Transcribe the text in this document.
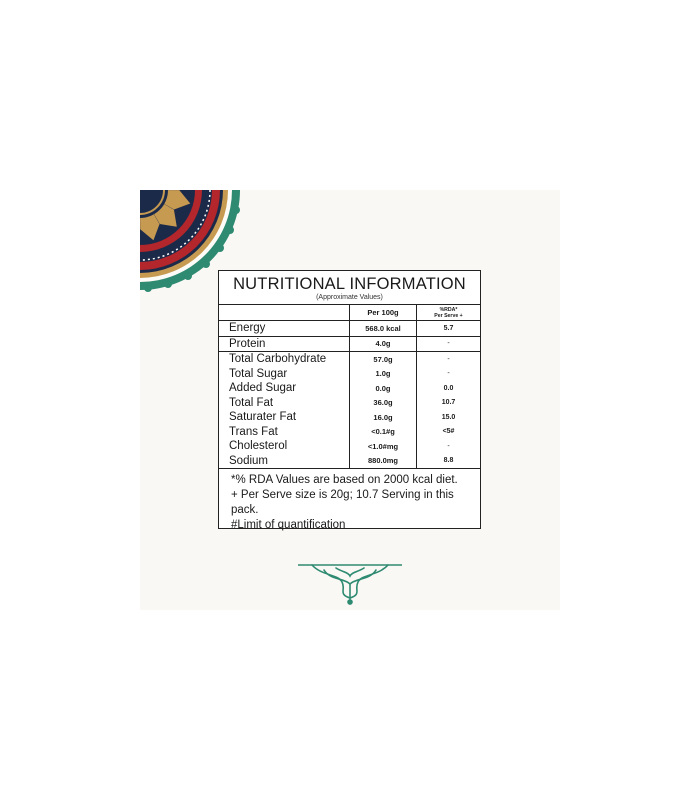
NUTRITIONAL INFORMATION
(Approximate Values)
	Per 100g	%RDA*
Per Serve +

Energy	568.0 kcal	5.7
Protein	4.0g	-
Total Carbohydrate	57.0g	-
Total Sugar	1.0g	-
Added Sugar	0.0g	0.0
Total Fat	36.0g	10.7
Saturater Fat	16.0g	15.0
Trans Fat	<0.1#g	<5#
Cholesterol	<1.0#mg	-
Sodium	880.0mg	8.8
*% RDA Values are based on 2000 kcal diet.
+ Per Serve size is 20g; 10.7 Serving in this pack.
#Limit of quantification
